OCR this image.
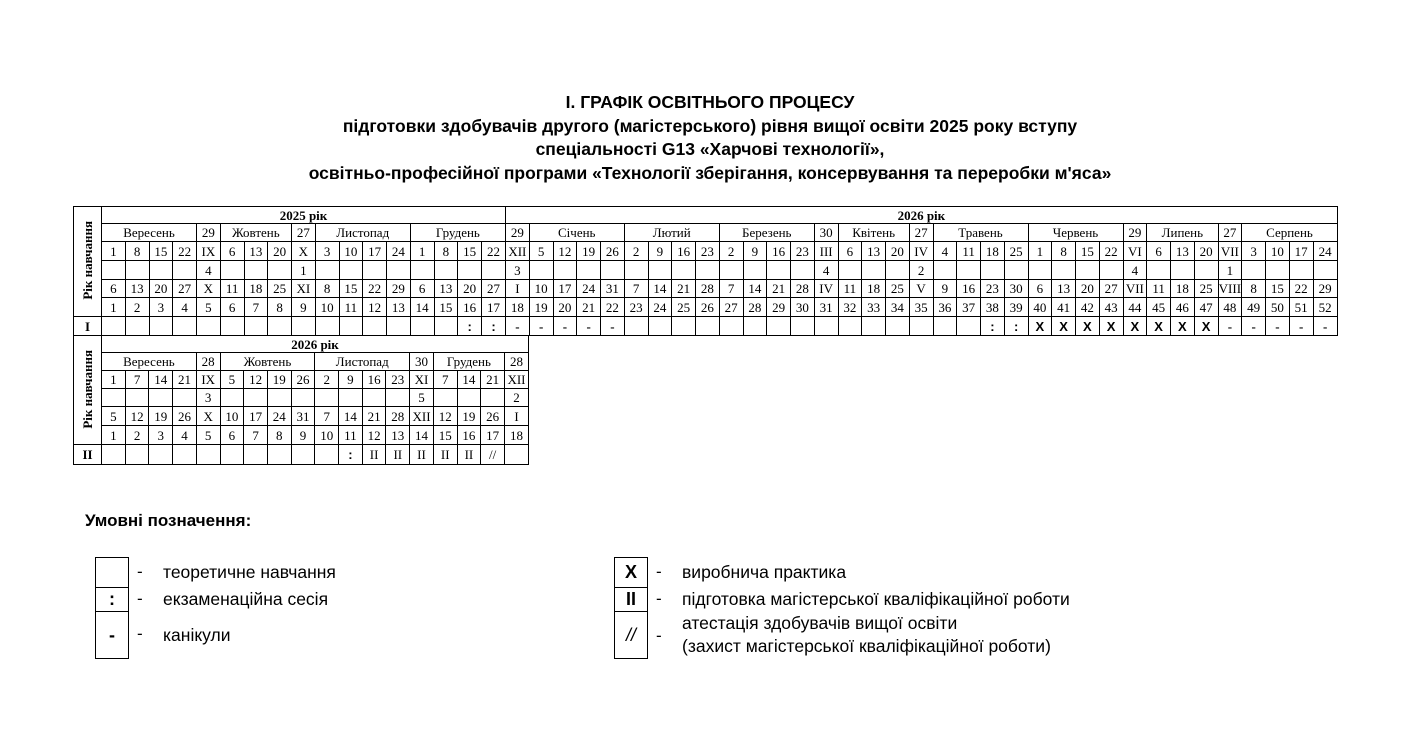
І. ГРАФІК ОСВІТНЬОГО ПРОЦЕСУ
підготовки здобувачів другого (магістерського) рівня вищої освіти 2025 року вступу
спеціальності G13 «Харчові технології»,
освітньо-професійної програми «Технології зберігання, консервування та переробки м'яса»
Рік навчання	2025 рік																	2026 рік																																		
	Вересень				29	Жовтень			27	Листопад				Грудень				29	Січень				Лютий				Березень				30	Квітень			27	Травень				Червень				29	Липень			27	Серпень			
	1	8	15	22	IX	6	13	20	X	3	10	17	24	1	8	15	22	XII	5	12	19	26	2	9	16	23	2	9	16	23	III	6	13	20	IV	4	11	18	25	1	8	15	22	VI	6	13	20	VII	3	10	17	24
					4				1									3													4				2									4				1				
	6	13	20	27	X	11	18	25	XI	8	15	22	29	6	13	20	27	I	10	17	24	31	7	14	21	28	7	14	21	28	IV	11	18	25	V	9	16	23	30	6	13	20	27	VII	11	18	25	VIII	8	15	22	29
	1	2	3	4	5	6	7	8	9	10	11	12	13	14	15	16	17	18	19	20	21	22	23	24	25	26	27	28	29	30	31	32	33	34	35	36	37	38	39	40	41	42	43	44	45	46	47	48	49	50	51	52
I																:	:	-	-	-	-	-																:	:	X	X	X	X	X	X	X	X	-	-	-	-	-
Рік навчання	2026 рік																	
	Вересень				28	Жовтень				Листопад				30	Грудень			28
	1	7	14	21	IX	5	12	19	26	2	9	16	23	XI	7	14	21	XII
					3									5				2
	5	12	19	26	X	10	17	24	31	7	14	21	28	XII	12	19	26	I
	1	2	3	4	5	6	7	8	9	10	11	12	13	14	15	16	17	18
II											:	II	II	II	II	II	//	
Умовні позначення:
- теоретичне навчання
:	- екзаменаційна сесія
-	- канікули
X	- виробнича практика
II	- підготовка магістерської кваліфікаційної роботи
//	-
атестація здобувачів вищої освіти
(захист магістерської кваліфікаційної роботи)
